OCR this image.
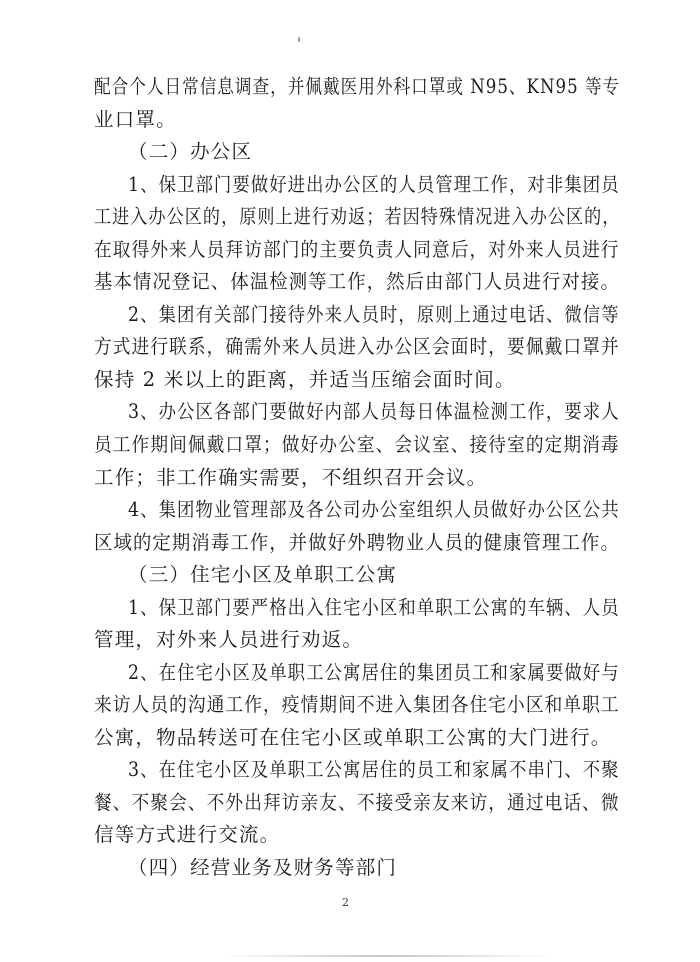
配合个人日常信息调查，并佩戴医用外科口罩或 N95、KN95 等专
业口罩。
（二）办公区
1、保卫部门要做好进出办公区的人员管理工作，对非集团员
工进入办公区的，原则上进行劝返；若因特殊情况进入办公区的，
在取得外来人员拜访部门的主要负责人同意后，对外来人员进行
基本情况登记、体温检测等工作，然后由部门人员进行对接。
2、集团有关部门接待外来人员时，原则上通过电话、微信等
方式进行联系，确需外来人员进入办公区会面时，要佩戴口罩并
保持 2 米以上的距离，并适当压缩会面时间。
3、办公区各部门要做好内部人员每日体温检测工作，要求人
员工作期间佩戴口罩；做好办公室、会议室、接待室的定期消毒
工作；非工作确实需要，不组织召开会议。
4、集团物业管理部及各公司办公室组织人员做好办公区公共
区域的定期消毒工作，并做好外聘物业人员的健康管理工作。
（三）住宅小区及单职工公寓
1、保卫部门要严格出入住宅小区和单职工公寓的车辆、人员
管理，对外来人员进行劝返。
2、在住宅小区及单职工公寓居住的集团员工和家属要做好与
来访人员的沟通工作，疫情期间不进入集团各住宅小区和单职工
公寓，物品转送可在住宅小区或单职工公寓的大门进行。
3、在住宅小区及单职工公寓居住的员工和家属不串门、不聚
餐、不聚会、不外出拜访亲友、不接受亲友来访，通过电话、微
信等方式进行交流。
（四）经营业务及财务等部门
2
